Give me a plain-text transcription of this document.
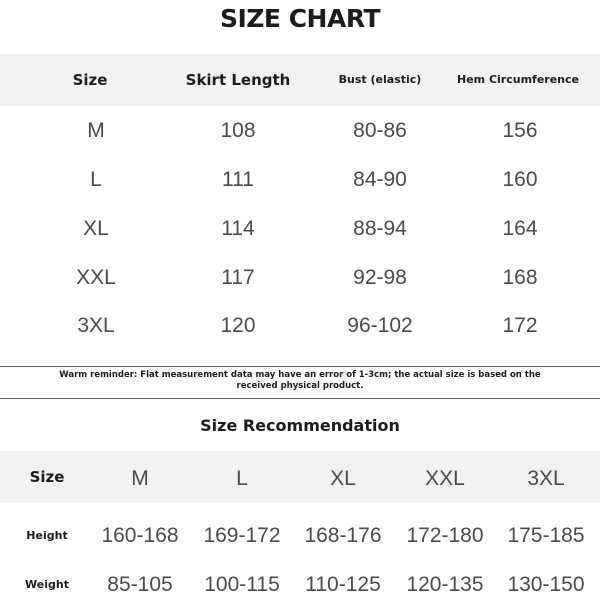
SIZE CHART
Size	Skirt Length	Bust (elastic)	Hem Circumference
M	108	80-86	156
L	111	84-90	160
XL	114	88-94	164
XXL	117	92-98	168
3XL	120	96-102	172
Warm reminder: Flat measurement data may have an error of 1-3cm; the actual size is based on the
received physical product.
Size Recommendation
Size	M	L	XL	XXL	3XL
Height	160-168	169-172	168-176	172-180	175-185
Weight	85-105	100-115	110-125	120-135	130-150
